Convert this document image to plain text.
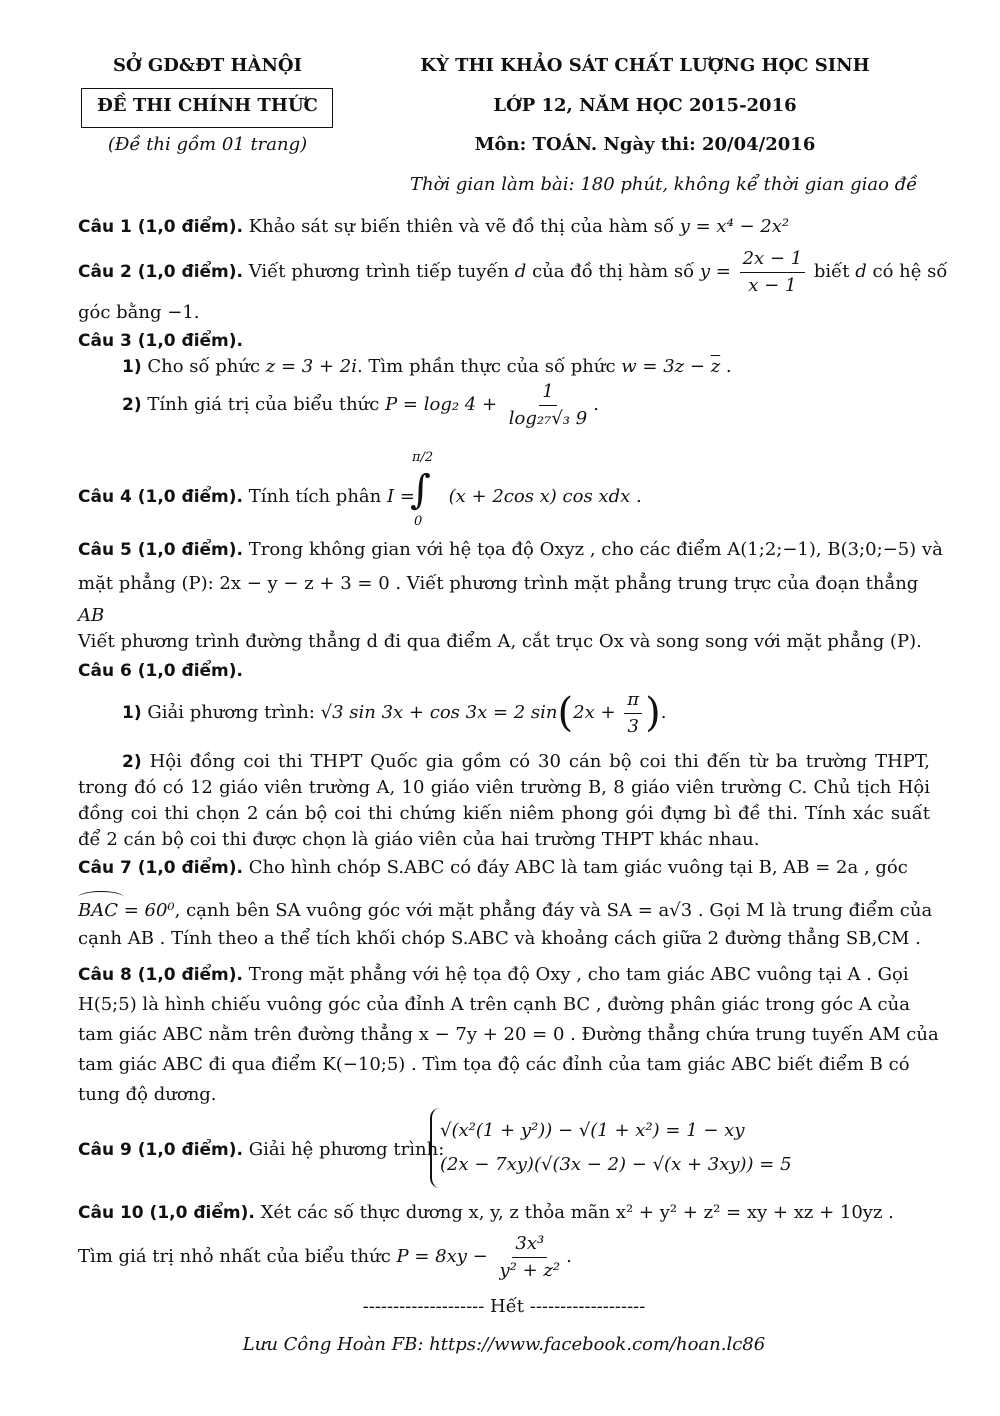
SỞ GD&ĐT HÀNỘI
ĐỀ THI CHÍNH THỨC
(Đề thi gồm 01 trang)
KỲ THI KHẢO SÁT CHẤT LƯỢNG HỌC SINH
LỚP 12, NĂM HỌC 2015-2016
Môn: TOÁN. Ngày thi: 20/04/2016
Thời gian làm bài: 180 phút, không kể thời gian giao đề
Câu 1 (1,0 điểm). Khảo sát sự biến thiên và vẽ đồ thị của hàm số y = x⁴ − 2x²
Câu 2 (1,0 điểm). Viết phương trình tiếp tuyến d của đồ thị hàm số $y = \frac{2x - 1}{x - 1}$ biết d có hệ số
góc bằng −1.
Câu 3 (1,0 điểm).
1) Cho số phức z = 3 + 2i. Tìm phần thực của số phức $w = 3z - \overline{z}$ .
2) Tính giá trị của biểu thức P = log₂ $4 + \frac{1}{\text{log₂₇√₃ 9}}$ .
π/2
∫
0
Câu 4 (1,0 điểm). Tính tích phân I = (x + 2cos x) cos xdx .
Câu 5 (1,0 điểm). Trong không gian với hệ tọa độ Oxyz , cho các điểm A(1;2;−1), B(3;0;−5) và
mặt phẳng (P): 2x − y − z + 3 = 0 . Viết phương trình mặt phẳng trung trực của đoạn thẳng
AB
Viết phương trình đường thẳng d đi qua điểm A, cắt trục Ox và song song với mặt phẳng (P).
Câu 6 (1,0 điểm).
1) Giải phương trình: √3 sin 3x + cos 3x = 2 $\sin(2x + \frac{\pi}{3}$ ).
2) Hội đồng coi thi THPT Quốc gia gồm có 30 cán bộ coi thi đến từ ba trường THPT, trong đó có 12 giáo viên trường A, 10 giáo viên trường B, 8 giáo viên trường C. Chủ tịch Hội đồng coi thi chọn 2 cán bộ coi thi chứng kiến niêm phong gói đựng bì đề thi. Tính xác suất để 2 cán bộ coi thi được chọn là giáo viên của hai trường THPT khác nhau.
Câu 7 (1,0 điểm). Cho hình chóp S.ABC có đáy ABC là tam giác vuông tại B, AB = 2a , góc
BAC = 60⁰, cạnh bên SA vuông góc với mặt phẳng đáy và SA = a√3 . Gọi M là trung điểm của
cạnh AB . Tính theo a thể tích khối chóp S.ABC và khoảng cách giữa 2 đường thẳng SB,CM .
Câu 8 (1,0 điểm). Trong mặt phẳng với hệ tọa độ Oxy , cho tam giác ABC vuông tại A . Gọi
H(5;5) là hình chiếu vuông góc của đỉnh A trên cạnh BC , đường phân giác trong góc A của
tam giác ABC nằm trên đường thẳng x − 7y + 20 = 0 . Đường thẳng chứa trung tuyến AM của
tam giác ABC đi qua điểm K(−10;5) . Tìm tọa độ các đỉnh của tam giác ABC biết điểm B có
tung độ dương.
Câu 9 (1,0 điểm). Giải hệ phương trình:
√(x²(1 + y²)) − √(1 + x²) = 1 − xy
(2x − 7xy)(√(3x − 2) − √(x + 3xy)) = 5
Câu 10 (1,0 điểm). Xét các số thực dương x, y, z thỏa mãn x² + y² + z² = xy + xz + 10yz .
Tìm giá trị nhỏ nhất của biểu thức $P = 8xy - \frac{\text{3x³}}{\text{y² + z²}}$ .
-------------------- Hết -------------------
Lưu Công Hoàn FB: https://www.facebook.com/hoan.lc86
